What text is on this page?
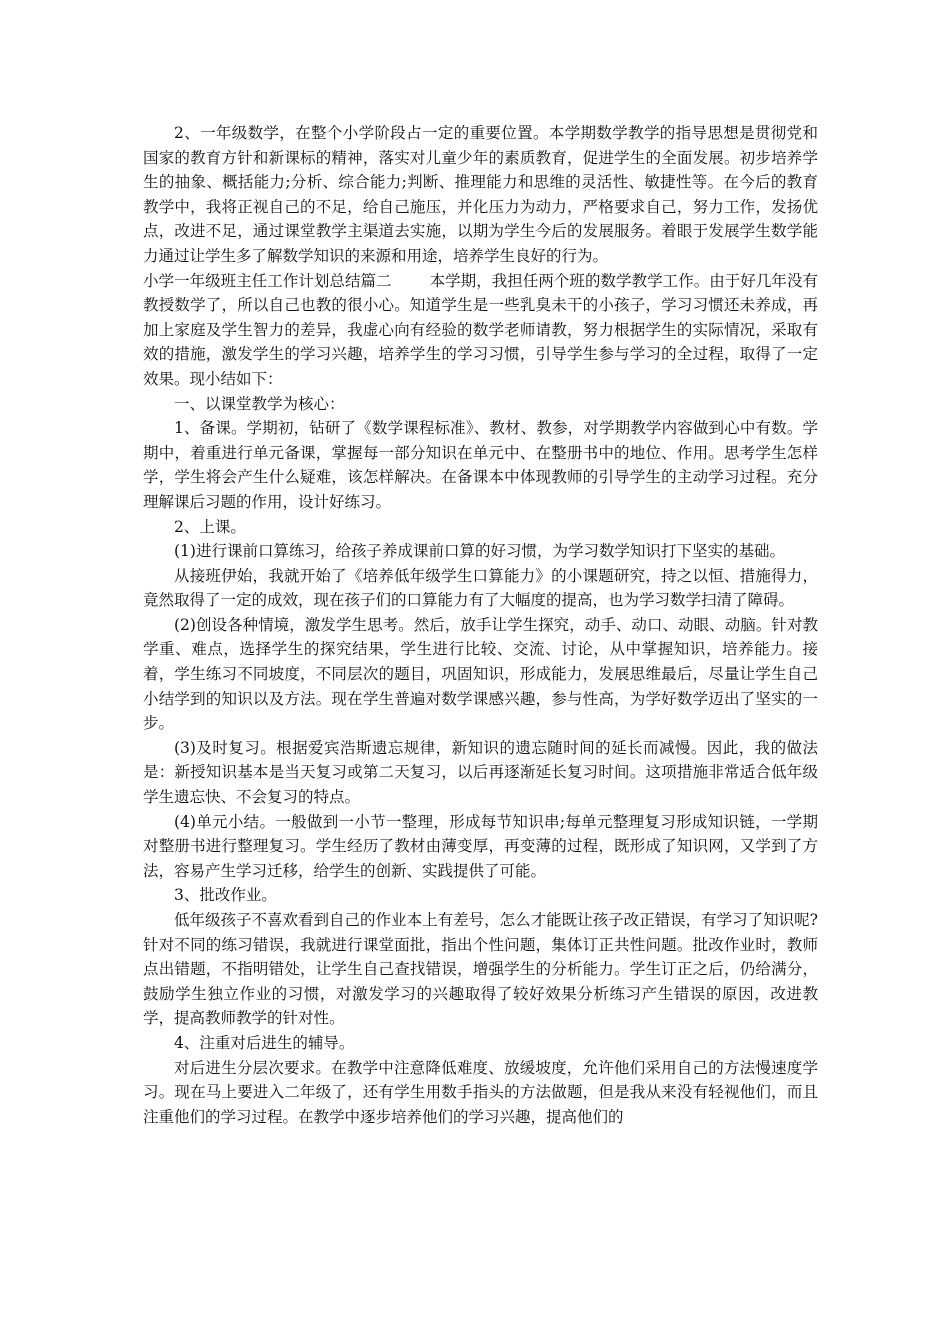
2、一年级数学，在整个小学阶段占一定的重要位置。本学期数学教学的指导思想是贯彻党和国家的教育方针和新课标的精神，落实对儿童少年的素质教育，促进学生的全面发展。初步培养学生的抽象、概括能力;分析、综合能力;判断、推理能力和思维的灵活性、敏捷性等。在今后的教育教学中，我将正视自己的不足，给自己施压，并化压力为动力，严格要求自己，努力工作，发扬优点，改进不足，通过课堂教学主渠道去实施，以期为学生今后的发展服务。着眼于发展学生数学能力通过让学生多了解数学知识的来源和用途，培养学生良好的行为。

小学一年级班主任工作计划总结篇二 本学期，我担任两个班的数学教学工作。由于好几年没有教授数学了，所以自己也教的很小心。知道学生是一些乳臭未干的小孩子，学习习惯还未养成，再加上家庭及学生智力的差异，我虚心向有经验的数学老师请教，努力根据学生的实际情况，采取有效的措施，激发学生的学习兴趣，培养学生的学习习惯，引导学生参与学习的全过程，取得了一定效果。现小结如下：

一、以课堂教学为核心：

1、备课。学期初，钻研了《数学课程标准》、教材、教参，对学期教学内容做到心中有数。学期中，着重进行单元备课，掌握每一部分知识在单元中、在整册书中的地位、作用。思考学生怎样学，学生将会产生什么疑难，该怎样解决。在备课本中体现教师的引导学生的主动学习过程。充分理解课后习题的作用，设计好练习。

2、上课。

(1)进行课前口算练习，给孩子养成课前口算的好习惯，为学习数学知识打下坚实的基础。

从接班伊始，我就开始了《培养低年级学生口算能力》的小课题研究，持之以恒、措施得力，竟然取得了一定的成效，现在孩子们的口算能力有了大幅度的提高，也为学习数学扫清了障碍。

(2)创设各种情境，激发学生思考。然后，放手让学生探究，动手、动口、动眼、动脑。针对教学重、难点，选择学生的探究结果，学生进行比较、交流、讨论，从中掌握知识，培养能力。接着，学生练习不同坡度，不同层次的题目，巩固知识，形成能力，发展思维最后，尽量让学生自己小结学到的知识以及方法。现在学生普遍对数学课感兴趣，参与性高，为学好数学迈出了坚实的一步。

(3)及时复习。根据爱宾浩斯遗忘规律，新知识的遗忘随时间的延长而减慢。因此，我的做法是：新授知识基本是当天复习或第二天复习，以后再逐渐延长复习时间。这项措施非常适合低年级学生遗忘快、不会复习的特点。

(4)单元小结。一般做到一小节一整理，形成每节知识串;每单元整理复习形成知识链，一学期对整册书进行整理复习。学生经历了教材由薄变厚，再变薄的过程，既形成了知识网，又学到了方法，容易产生学习迁移，给学生的创新、实践提供了可能。

3、批改作业。

低年级孩子不喜欢看到自己的作业本上有差号，怎么才能既让孩子改正错误，有学习了知识呢?针对不同的练习错误，我就进行课堂面批，指出个性问题，集体订正共性问题。批改作业时，教师点出错题，不指明错处，让学生自己查找错误，增强学生的分析能力。学生订正之后，仍给满分，鼓励学生独立作业的习惯，对激发学习的兴趣取得了较好效果分析练习产生错误的原因，改进教学，提高教师教学的针对性。

4、注重对后进生的辅导。

对后进生分层次要求。在教学中注意降低难度、放缓坡度，允许他们采用自己的方法慢速度学习。现在马上要进入二年级了，还有学生用数手指头的方法做题，但是我从来没有轻视他们，而且注重他们的学习过程。在教学中逐步培养他们的学习兴趣，提高他们的
